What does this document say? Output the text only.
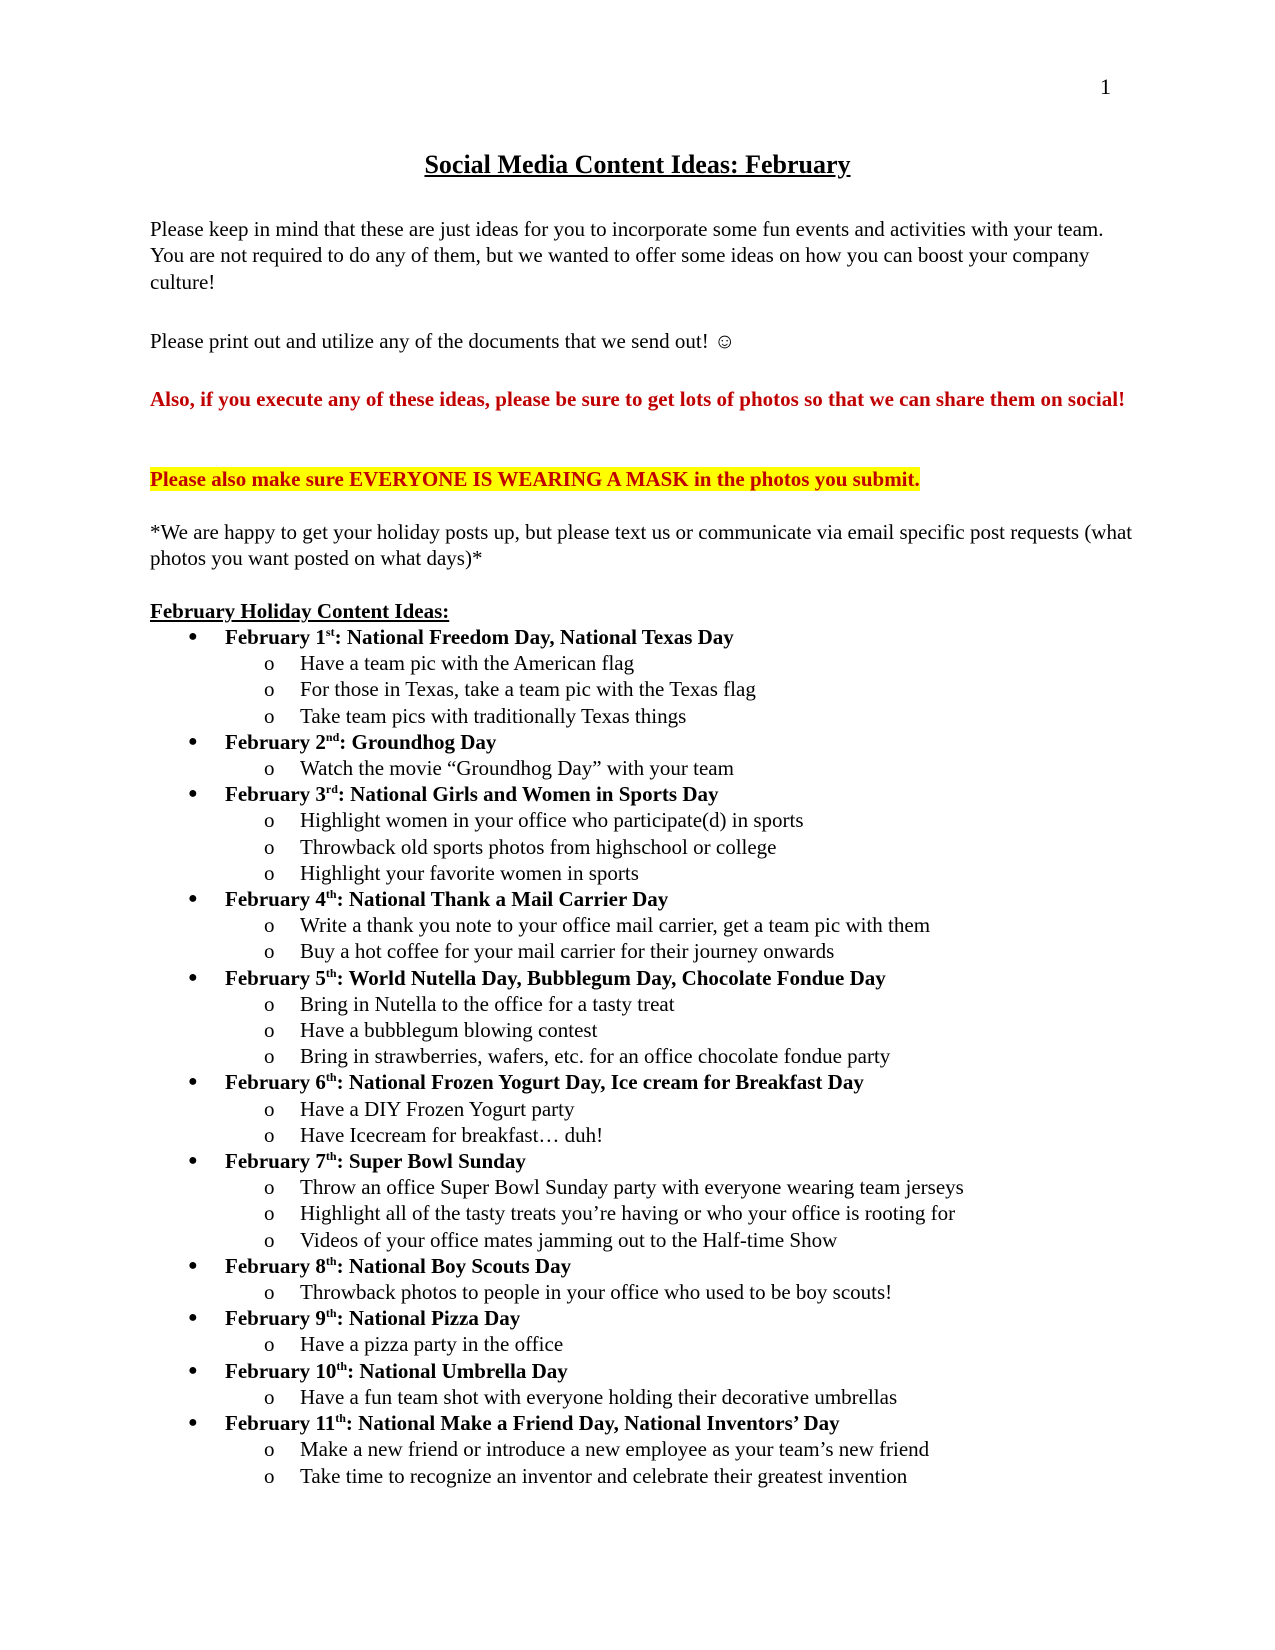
1
Social Media Content Ideas: February

Please keep in mind that these are just ideas for you to incorporate some fun events and activities with your team. You are not required to do any of them, but we wanted to offer some ideas on how you can boost your company culture!

Please print out and utilize any of the documents that we send out! ☺

Also, if you execute any of these ideas, please be sure to get lots of photos so that we can share them on social!

Please also make sure EVERYONE IS WEARING A MASK in the photos you submit.

*We are happy to get your holiday posts up, but please text us or communicate via email specific post requests (what photos you want posted on what days)*

February Holiday Content Ideas:
● February 1st: National Freedom Day, National Texas Day
o Have a team pic with the American flag
o For those in Texas, take a team pic with the Texas flag
o Take team pics with traditionally Texas things
● February 2nd: Groundhog Day
o Watch the movie “Groundhog Day” with your team
● February 3rd: National Girls and Women in Sports Day
o Highlight women in your office who participate(d) in sports
o Throwback old sports photos from highschool or college
o Highlight your favorite women in sports
● February 4th: National Thank a Mail Carrier Day
o Write a thank you note to your office mail carrier, get a team pic with them
o Buy a hot coffee for your mail carrier for their journey onwards
● February 5th: World Nutella Day, Bubblegum Day, Chocolate Fondue Day
o Bring in Nutella to the office for a tasty treat
o Have a bubblegum blowing contest
o Bring in strawberries, wafers, etc. for an office chocolate fondue party
● February 6th: National Frozen Yogurt Day, Ice cream for Breakfast Day
o Have a DIY Frozen Yogurt party
o Have Icecream for breakfast… duh!
● February 7th: Super Bowl Sunday
o Throw an office Super Bowl Sunday party with everyone wearing team jerseys
o Highlight all of the tasty treats you’re having or who your office is rooting for
o Videos of your office mates jamming out to the Half-time Show
● February 8th: National Boy Scouts Day
o Throwback photos to people in your office who used to be boy scouts!
● February 9th: National Pizza Day
o Have a pizza party in the office
● February 10th: National Umbrella Day
o Have a fun team shot with everyone holding their decorative umbrellas
● February 11th: National Make a Friend Day, National Inventors’ Day
o Make a new friend or introduce a new employee as your team’s new friend
o Take time to recognize an inventor and celebrate their greatest invention
